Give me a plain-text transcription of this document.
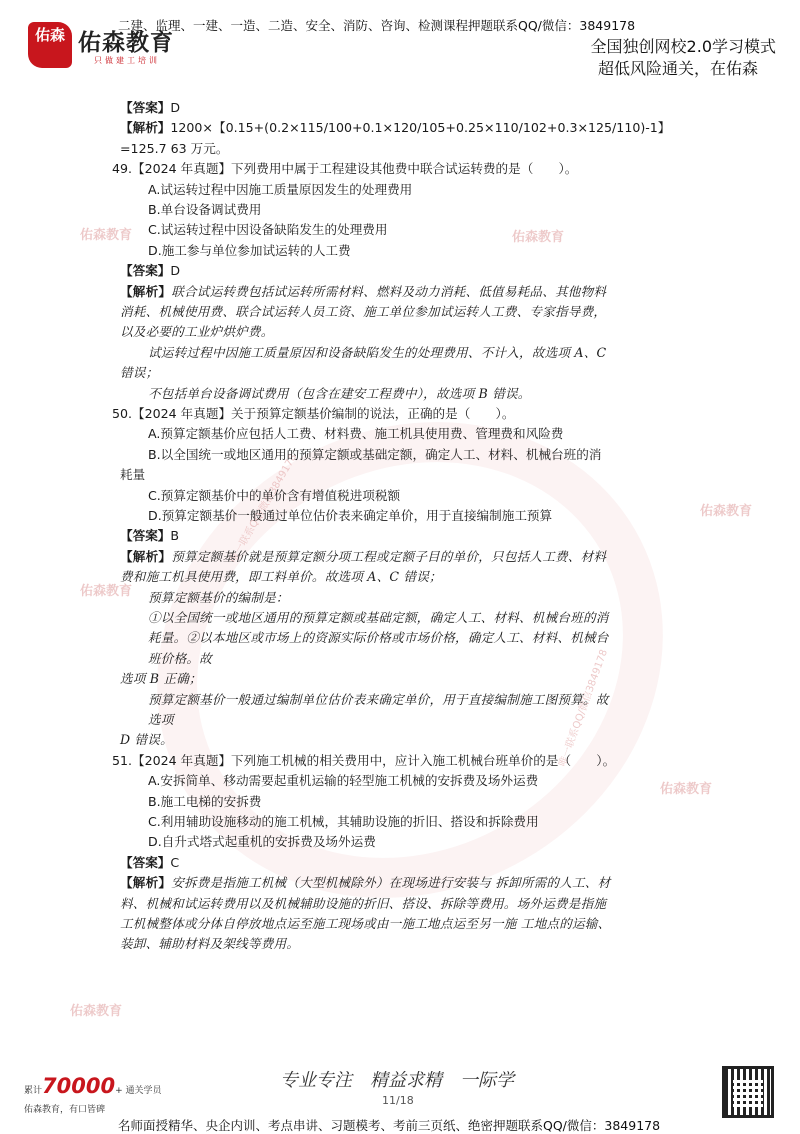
佑森 佑森教育
只做建工培训
二建、监理、一建、一造、二造、安全、消防、咨询、检测课程押题联系QQ/微信：3849178
全国独创网校2.0学习模式
超低风险通关，在佑森
佑森教育	佑森教育
佑森教育
佑森教育
佑森教育
佑森教育
唯一联系QQ/微信3849178
唯一联系QQ/微信3849178
【答案】D
【解析】1200×【0.15+(0.2×115/100+0.1×120/105+0.25×110/102+0.3×125/110)-1】
=125.7 63 万元。
49.【2024 年真题】下列费用中属于工程建设其他费中联合试运转费的是（　　）。
A.试运转过程中因施工质量原因发生的处理费用
B.单台设备调试费用
C.试运转过程中因设备缺陷发生的处理费用
D.施工参与单位参加试运转的人工费
【答案】D
【解析】联合试运转费包括试运转所需材料、燃料及动力消耗、低值易耗品、其他物料
消耗、机械使用费、联合试运转人员工资、施工单位参加试运转人工费、专家指导费，
以及必要的工业炉烘炉费。
试运转过程中因施工质量原因和设备缺陷发生的处理费用、不计入，故选项 A、C
错误；
不包括单台设备调试费用（包含在建安工程费中），故选项 B 错误。
50.【2024 年真题】关于预算定额基价编制的说法，正确的是（　　）。
A.预算定额基价应包括人工费、材料费、施工机具使用费、管理费和风险费
B.以全国统一或地区通用的预算定额或基础定额，确定人工、材料、机械台班的消
耗量
C.预算定额基价中的单价含有增值税进项税额
D.预算定额基价一般通过单位估价表来确定单价，用于直接编制施工预算
【答案】B
【解析】预算定额基价就是预算定额分项工程或定额子目的单价，只包括人工费、材料
费和施工机具使用费，即工料单价。故选项 A、C 错误；
预算定额基价的编制是：
①以全国统一或地区通用的预算定额或基础定额，确定人工、材料、机械台班的消
耗量。②以本地区或市场上的资源实际价格或市场价格，确定人工、材料、机械台
班价格。故
选项 B 正确；
预算定额基价一般通过编制单位估价表来确定单价，用于直接编制施工图预算。故
选项
D 错误。
51.【2024 年真题】下列施工机械的相关费用中，应计入施工机械台班单价的是（　　）。
A.安拆简单、移动需要起重机运输的轻型施工机械的安拆费及场外运费
B.施工电梯的安拆费
C.利用辅助设施移动的施工机械，其辅助设施的折旧、搭设和拆除费用
D.自升式塔式起重机的安拆费及场外运费
【答案】C
【解析】安拆费是指施工机械（大型机械除外）在现场进行安装与 拆卸所需的人工、材
料、机械和试运转费用以及机械辅助设施的折旧、搭设、拆除等费用。场外运费是指施
工机械整体或分体自停放地点运至施工现场或由一施工地点运至另一施 工地点的运输、
装卸、辅助材料及架线等费用。
累计70000+ 通关学员
佑森教育，有口皆碑
专业专注　精益求精　一际学
11/18
名师面授精华、央企内训、考点串讲、习题模考、考前三页纸、绝密押题联系QQ/微信：3849178
